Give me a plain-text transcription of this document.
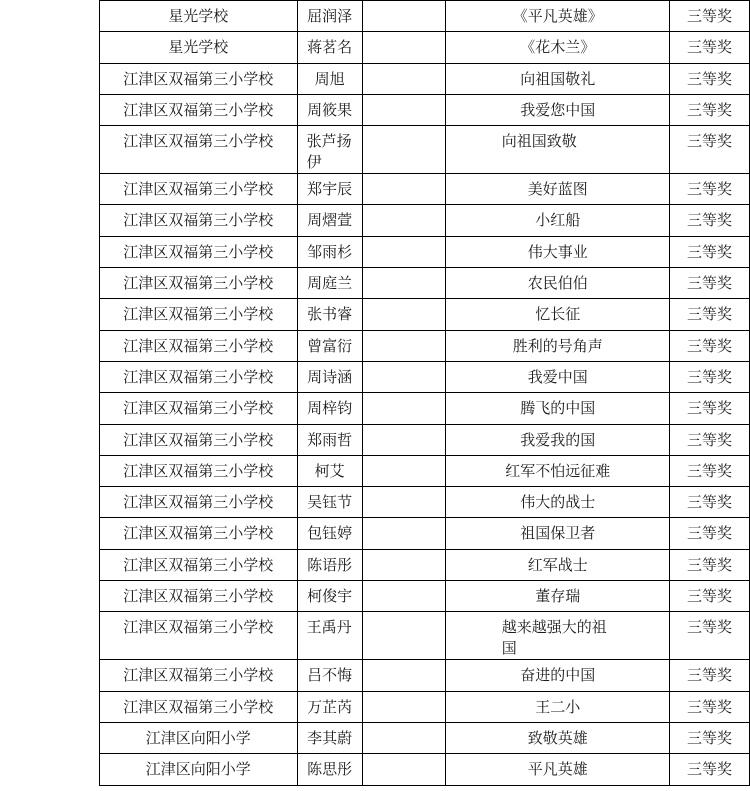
星光学校	屈润泽		《平凡英雄》	三等奖
星光学校	蒋茗名		《花木兰》	三等奖
江津区双福第三小学校	周旭		向祖国敬礼	三等奖
江津区双福第三小学校	周筱果		我爱您中国	三等奖
江津区双福第三小学校	张芦扬伊		向祖国致敬	三等奖
江津区双福第三小学校	郑宇辰		美好蓝图	三等奖
江津区双福第三小学校	周熠萱		小红船	三等奖
江津区双福第三小学校	邹雨杉		伟大事业	三等奖
江津区双福第三小学校	周庭兰		农民伯伯	三等奖
江津区双福第三小学校	张书睿		忆长征	三等奖
江津区双福第三小学校	曾富衍		胜利的号角声	三等奖
江津区双福第三小学校	周诗涵		我爱中国	三等奖
江津区双福第三小学校	周梓钧		腾飞的中国	三等奖
江津区双福第三小学校	郑雨哲		我爱我的国	三等奖
江津区双福第三小学校	柯艾		红军不怕远征难	三等奖
江津区双福第三小学校	吴钰节		伟大的战士	三等奖
江津区双福第三小学校	包钰婷		祖国保卫者	三等奖
江津区双福第三小学校	陈语彤		红军战士	三等奖
江津区双福第三小学校	柯俊宇		董存瑞	三等奖
江津区双福第三小学校	王禹丹		越来越强大的祖国	三等奖
江津区双福第三小学校	吕不悔		奋进的中国	三等奖
江津区双福第三小学校	万芷芮		王二小	三等奖
江津区向阳小学	李其蔚		致敬英雄	三等奖
江津区向阳小学	陈思彤		平凡英雄	三等奖
